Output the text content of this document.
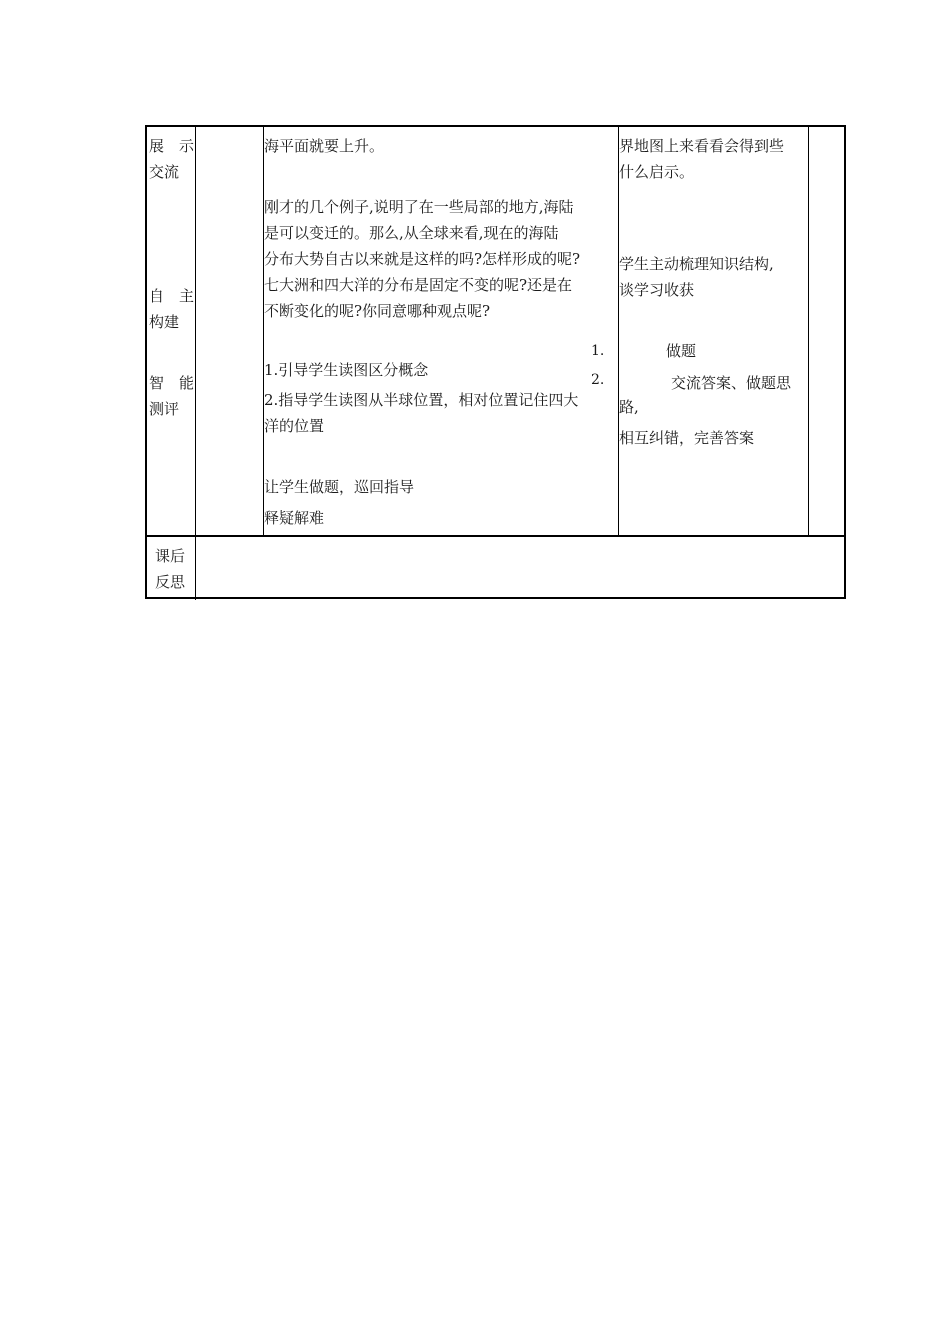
展　示
交流
自　主
构建
智　能
测评
海平面就要上升。
刚才的几个例子,说明了在一些局部的地方,海陆
是可以变迁的。那么,从全球来看,现在的海陆
分布大势自古以来就是这样的吗?怎样形成的呢?
七大洲和四大洋的分布是固定不变的呢?还是在
不断变化的呢?你同意哪种观点呢?
1.
2.
1.引导学生读图区分概念
2.指导学生读图从半球位置，相对位置记住四大
洋的位置
让学生做题，巡回指导
释疑解难
界地图上来看看会得到些
什么启示。
学生主动梳理知识结构,
谈学习收获
做题
交流答案、做题思
路,
相互纠错，完善答案
课后
反思
